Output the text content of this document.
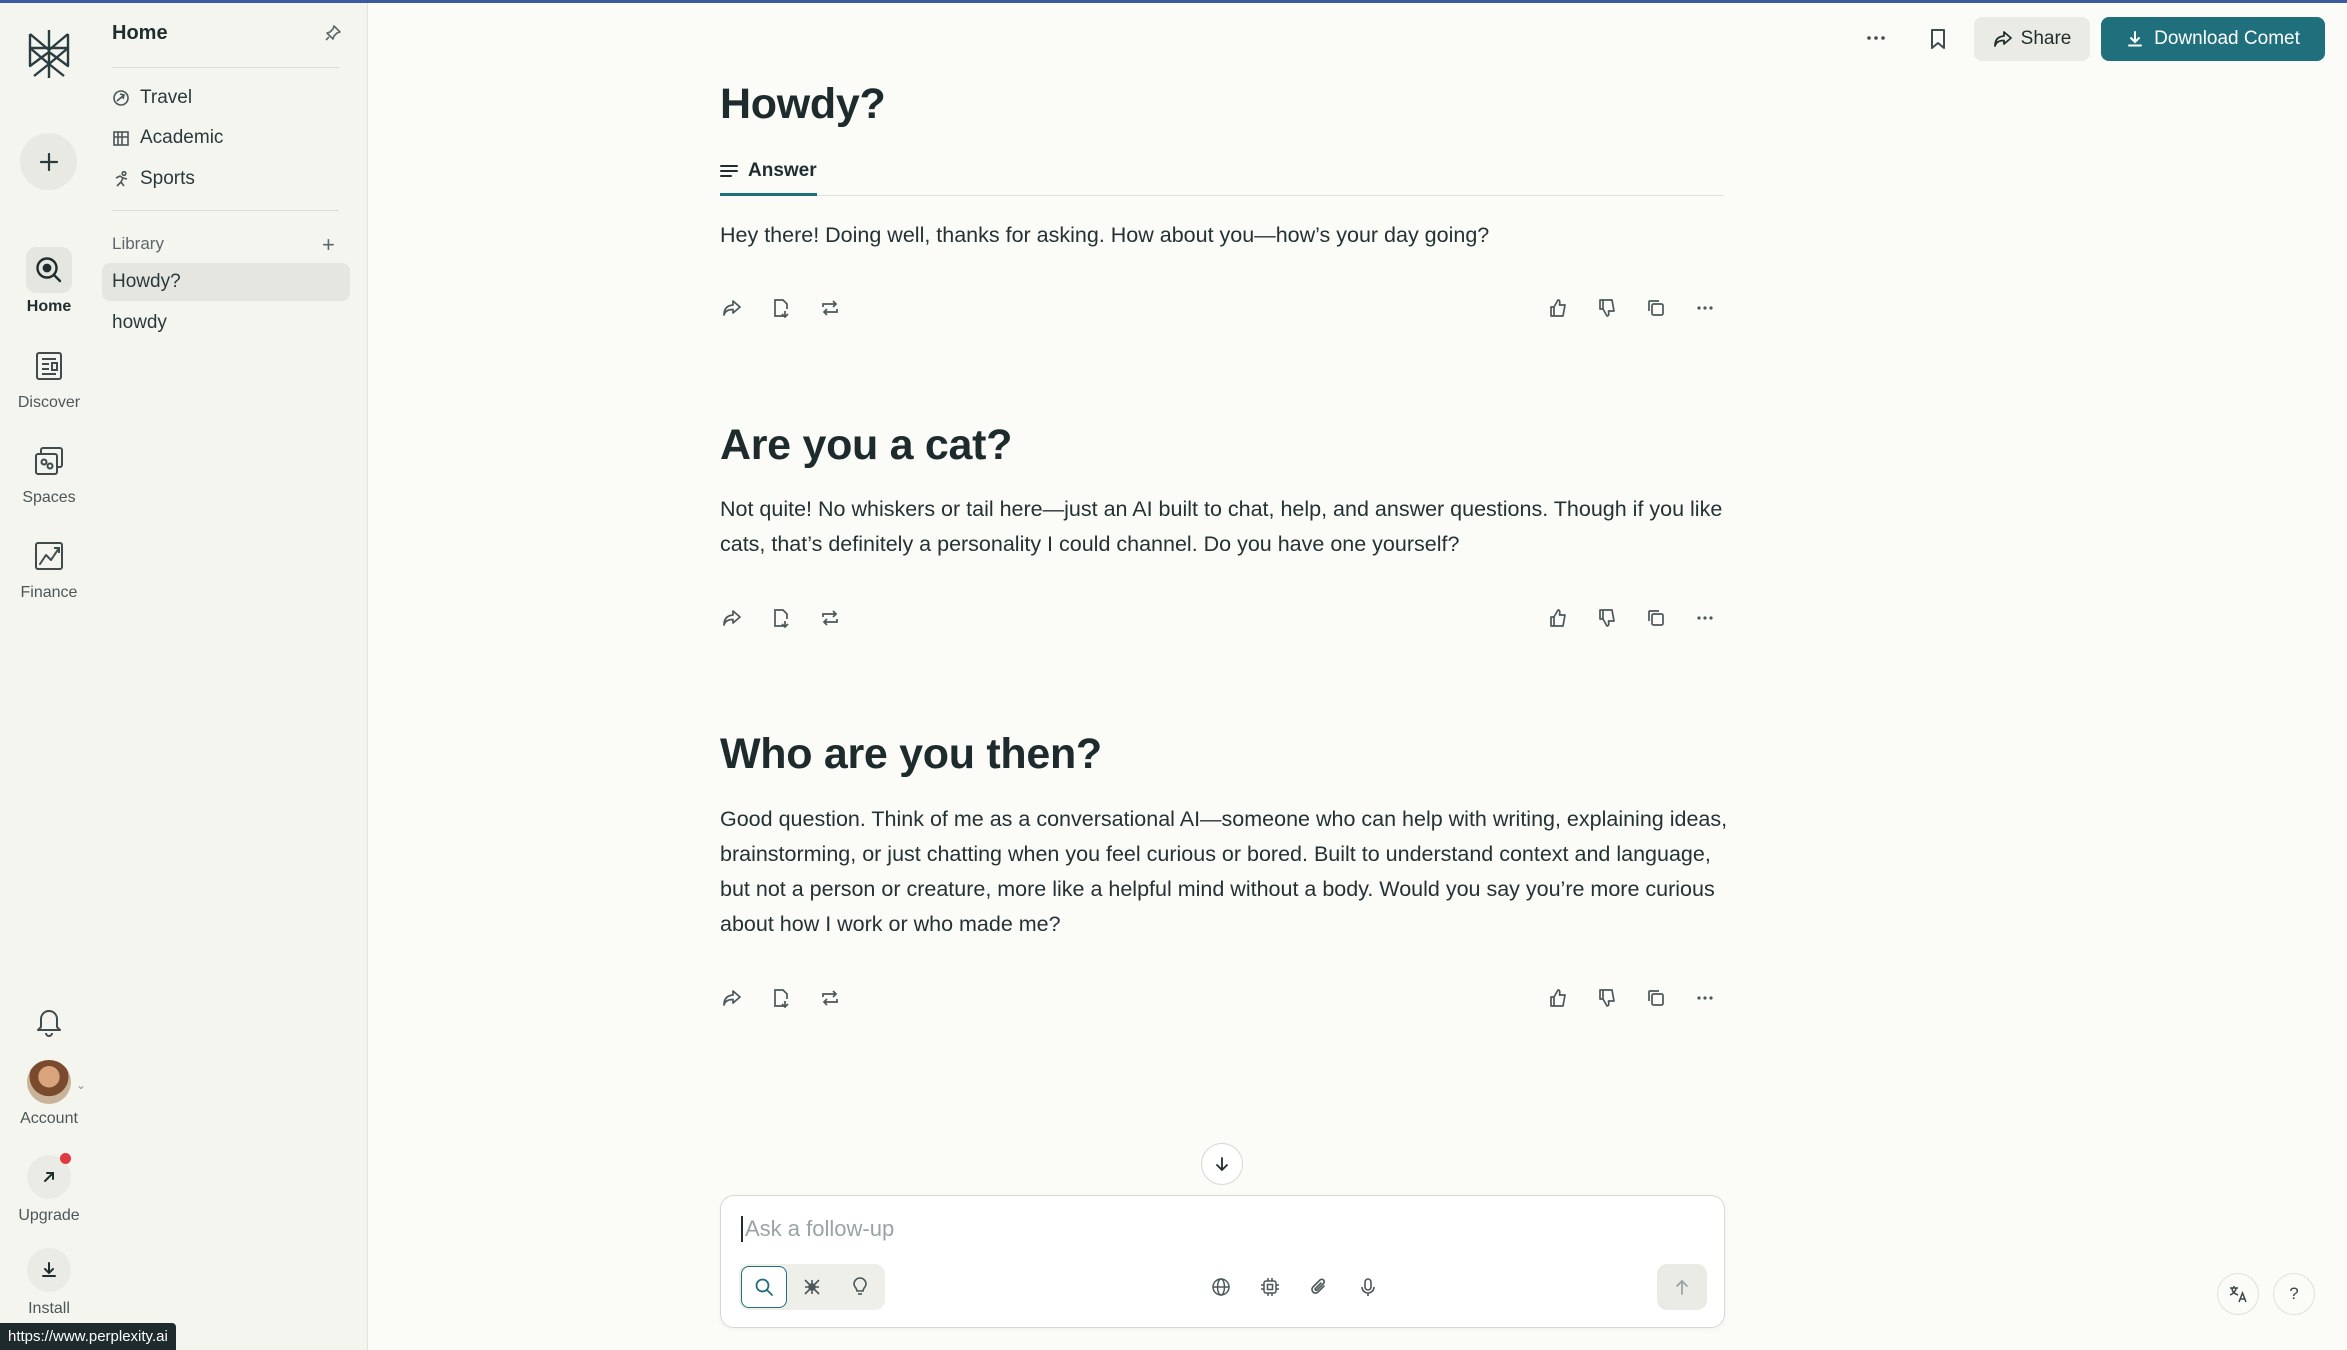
Home
Discover
Spaces
Finance
⌄
Account
Upgrade
Install
Home
Travel
Academic
Sports
Library	+
Howdy?
howdy
https://www.perplexity.ai
Share	Download Comet
Howdy?
Answer

Hey there! Doing well, thanks for asking. How about you—how’s your day going?

Are you a cat?

Not quite! No whiskers or tail here—just an AI built to chat, help, and answer questions. Though if you like cats, that’s definitely a personality I could channel. Do you have one yourself?

Who are you then?

Good question. Think of me as a conversational AI—someone who can help with writing, explaining ideas, brainstorming, or just chatting when you feel curious or bored. Built to understand context and language, but not a person or creature, more like a helpful mind without a body. Would you say you’re more curious about how I work or who made me?

Ask a follow-up
?
